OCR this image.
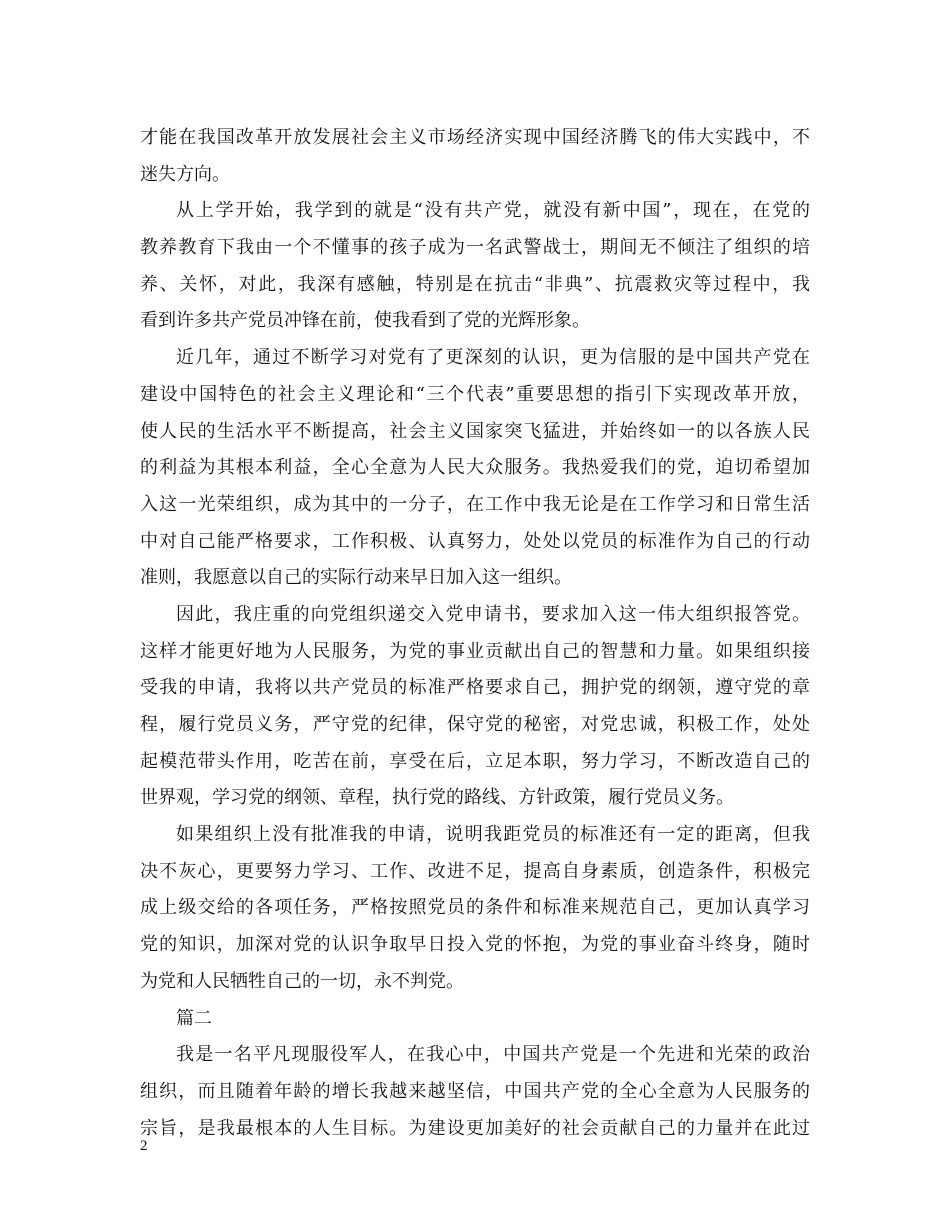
才能在我国改革开放发展社会主义市场经济实现中国经济腾飞的伟大实践中，不
迷失方向。
从上学开始，我学到的就是“没有共产党，就没有新中国”，现在，在党的
教养教育下我由一个不懂事的孩子成为一名武警战士，期间无不倾注了组织的培
养、关怀，对此，我深有感触，特别是在抗击“非典”、抗震救灾等过程中，我
看到许多共产党员冲锋在前，使我看到了党的光辉形象。
近几年，通过不断学习对党有了更深刻的认识，更为信服的是中国共产党在
建设中国特色的社会主义理论和“三个代表”重要思想的指引下实现改革开放，
使人民的生活水平不断提高，社会主义国家突飞猛进，并始终如一的以各族人民
的利益为其根本利益，全心全意为人民大众服务。我热爱我们的党，迫切希望加
入这一光荣组织，成为其中的一分子，在工作中我无论是在工作学习和日常生活
中对自己能严格要求，工作积极、认真努力，处处以党员的标准作为自己的行动
准则，我愿意以自己的实际行动来早日加入这一组织。
因此，我庄重的向党组织递交入党申请书，要求加入这一伟大组织报答党。
这样才能更好地为人民服务，为党的事业贡献出自己的智慧和力量。如果组织接
受我的申请，我将以共产党员的标准严格要求自己，拥护党的纲领，遵守党的章
程，履行党员义务，严守党的纪律，保守党的秘密，对党忠诚，积极工作，处处
起模范带头作用，吃苦在前，享受在后，立足本职，努力学习，不断改造自己的
世界观，学习党的纲领、章程，执行党的路线、方针政策，履行党员义务。
如果组织上没有批准我的申请，说明我距党员的标准还有一定的距离，但我
决不灰心，更要努力学习、工作、改进不足，提高自身素质，创造条件，积极完
成上级交给的各项任务，严格按照党员的条件和标准来规范自己，更加认真学习
党的知识，加深对党的认识争取早日投入党的怀抱，为党的事业奋斗终身，随时
为党和人民牺牲自己的一切，永不判党。
篇二
我是一名平凡现服役军人，在我心中，中国共产党是一个先进和光荣的政治
组织，而且随着年龄的增长我越来越坚信，中国共产党的全心全意为人民服务的
宗旨，是我最根本的人生目标。为建设更加美好的社会贡献自己的力量并在此过
2
